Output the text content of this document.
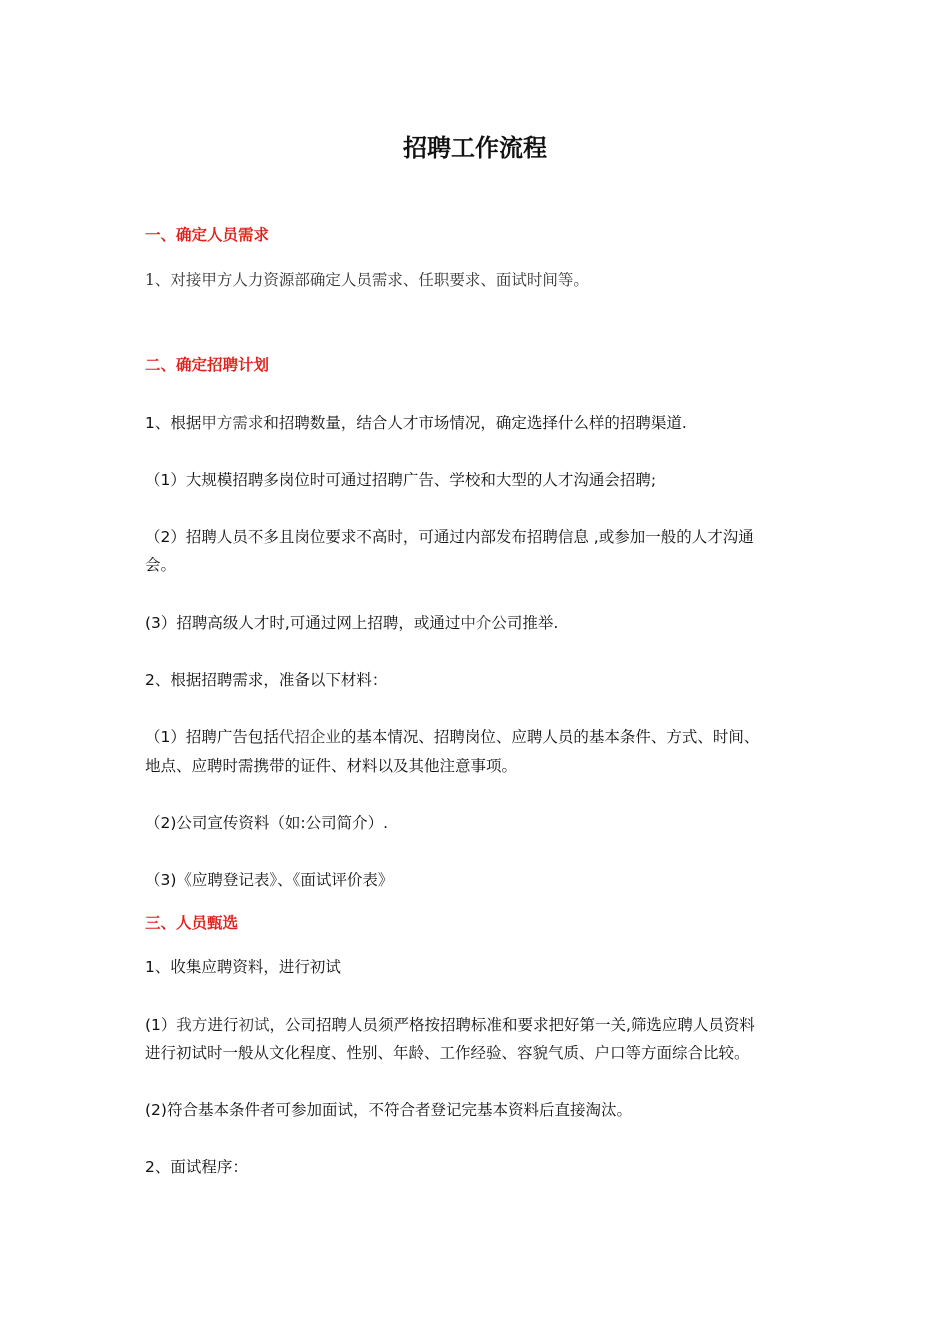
招聘工作流程
一、确定人员需求
1、对接甲方人力资源部确定人员需求、任职要求、面试时间等。
二、确定招聘计划
1、根据甲方需求和招聘数量，结合人才市场情况，确定选择什么样的招聘渠道.
（1）大规模招聘多岗位时可通过招聘广告、学校和大型的人才沟通会招聘;
（2）招聘人员不多且岗位要求不高时，可通过内部发布招聘信息 ,或参加一般的人才沟通
会。
(3）招聘高级人才时,可通过网上招聘，或通过中介公司推举.
2、根据招聘需求，准备以下材料：
（1）招聘广告包括代招企业的基本情况、招聘岗位、应聘人员的基本条件、方式、时间、
地点、应聘时需携带的证件、材料以及其他注意事项。
（2)公司宣传资料（如:公司简介）.
（3)《应聘登记表》、《面试评价表》
三、人员甄选
1、收集应聘资料，进行初试
(1）我方进行初试，公司招聘人员须严格按招聘标准和要求把好第一关,筛选应聘人员资料
进行初试时一般从文化程度、性别、年龄、工作经验、容貌气质、户口等方面综合比较。
(2)符合基本条件者可参加面试，不符合者登记完基本资料后直接淘汰。
2、面试程序：
